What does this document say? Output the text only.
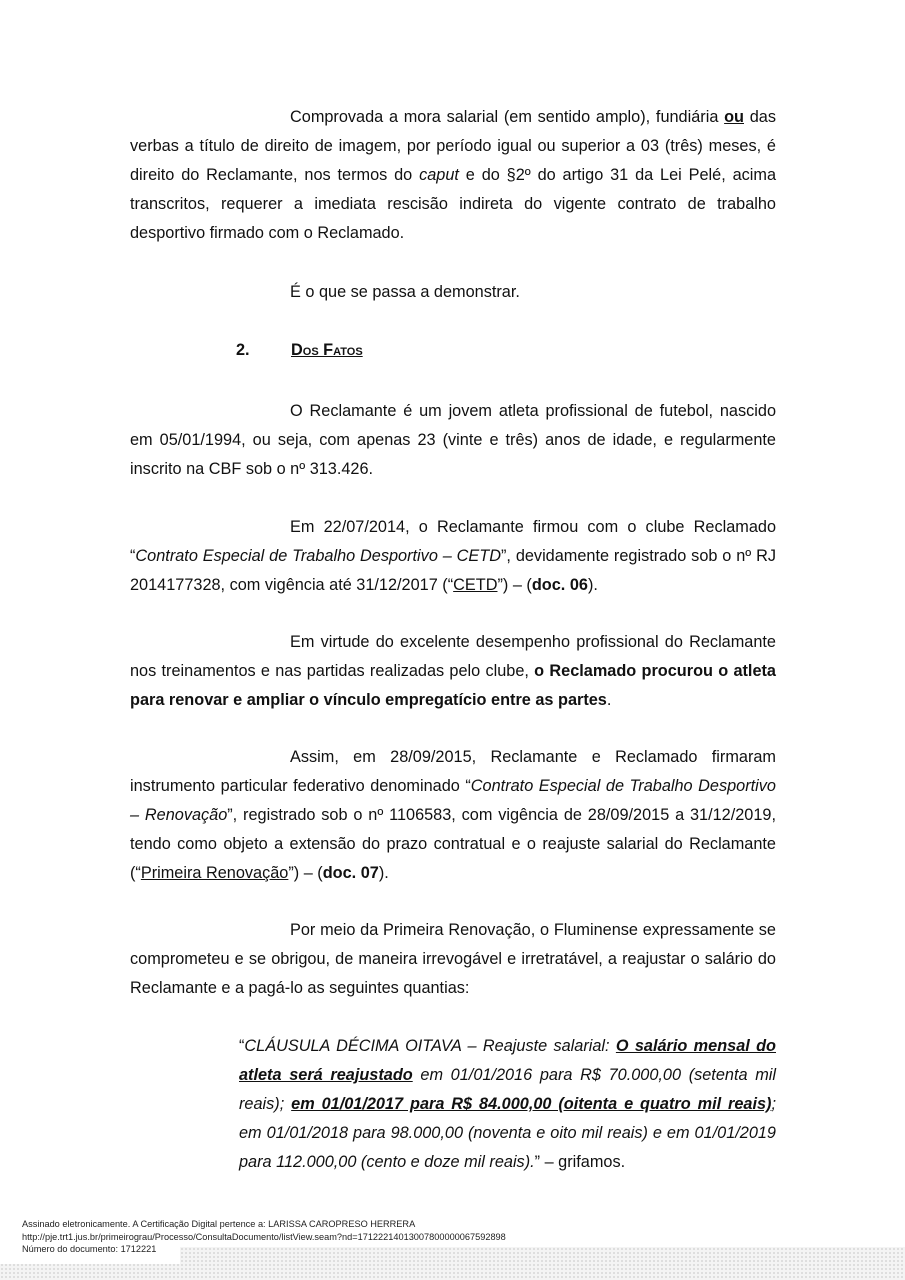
Comprovada a mora salarial (em sentido amplo), fundiária ou das verbas a título de direito de imagem, por período igual ou superior a 03 (três) meses, é direito do Reclamante, nos termos do caput e do §2º do artigo 31 da Lei Pelé, acima transcritos, requerer a imediata rescisão indireta do vigente contrato de trabalho desportivo firmado com o Reclamado.

É o que se passa a demonstrar.

2.	Dos Fatos

O Reclamante é um jovem atleta profissional de futebol, nascido em 05/01/1994, ou seja, com apenas 23 (vinte e três) anos de idade, e regularmente inscrito na CBF sob o nº 313.426.

Em 22/07/2014, o Reclamante firmou com o clube Reclamado “Contrato Especial de Trabalho Desportivo – CETD”, devidamente registrado sob o nº RJ 2014177328, com vigência até 31/12/2017 (“CETD”) – (doc. 06).

Em virtude do excelente desempenho profissional do Reclamante nos treinamentos e nas partidas realizadas pelo clube, o Reclamado procurou o atleta para renovar e ampliar o vínculo empregatício entre as partes.

Assim, em 28/09/2015, Reclamante e Reclamado firmaram instrumento particular federativo denominado “Contrato Especial de Trabalho Desportivo – Renovação”, registrado sob o nº 1106583, com vigência de 28/09/2015 a 31/12/2019, tendo como objeto a extensão do prazo contratual e o reajuste salarial do Reclamante (“Primeira Renovação”) – (doc. 07).

Por meio da Primeira Renovação, o Fluminense expressamente se comprometeu e se obrigou, de maneira irrevogável e irretratável, a reajustar o salário do Reclamante e a pagá-lo as seguintes quantias:

“CLÁUSULA DÉCIMA OITAVA – Reajuste salarial: O salário mensal do atleta será reajustado em 01/01/2016 para R$ 70.000,00 (setenta mil reais); em 01/01/2017 para R$ 84.000,00 (oitenta e quatro mil reais); em 01/01/2018 para 98.000,00 (noventa e oito mil reais) e em 01/01/2019 para 112.000,00 (cento e doze mil reais).” – grifamos.

Assinado eletronicamente. A Certificação Digital pertence a: LARISSA CAROPRESO HERRERA
http://pje.trt1.jus.br/primeirograu/Processo/ConsultaDocumento/listView.seam?nd=17122214013007800000067592898
Número do documento: 1712221
